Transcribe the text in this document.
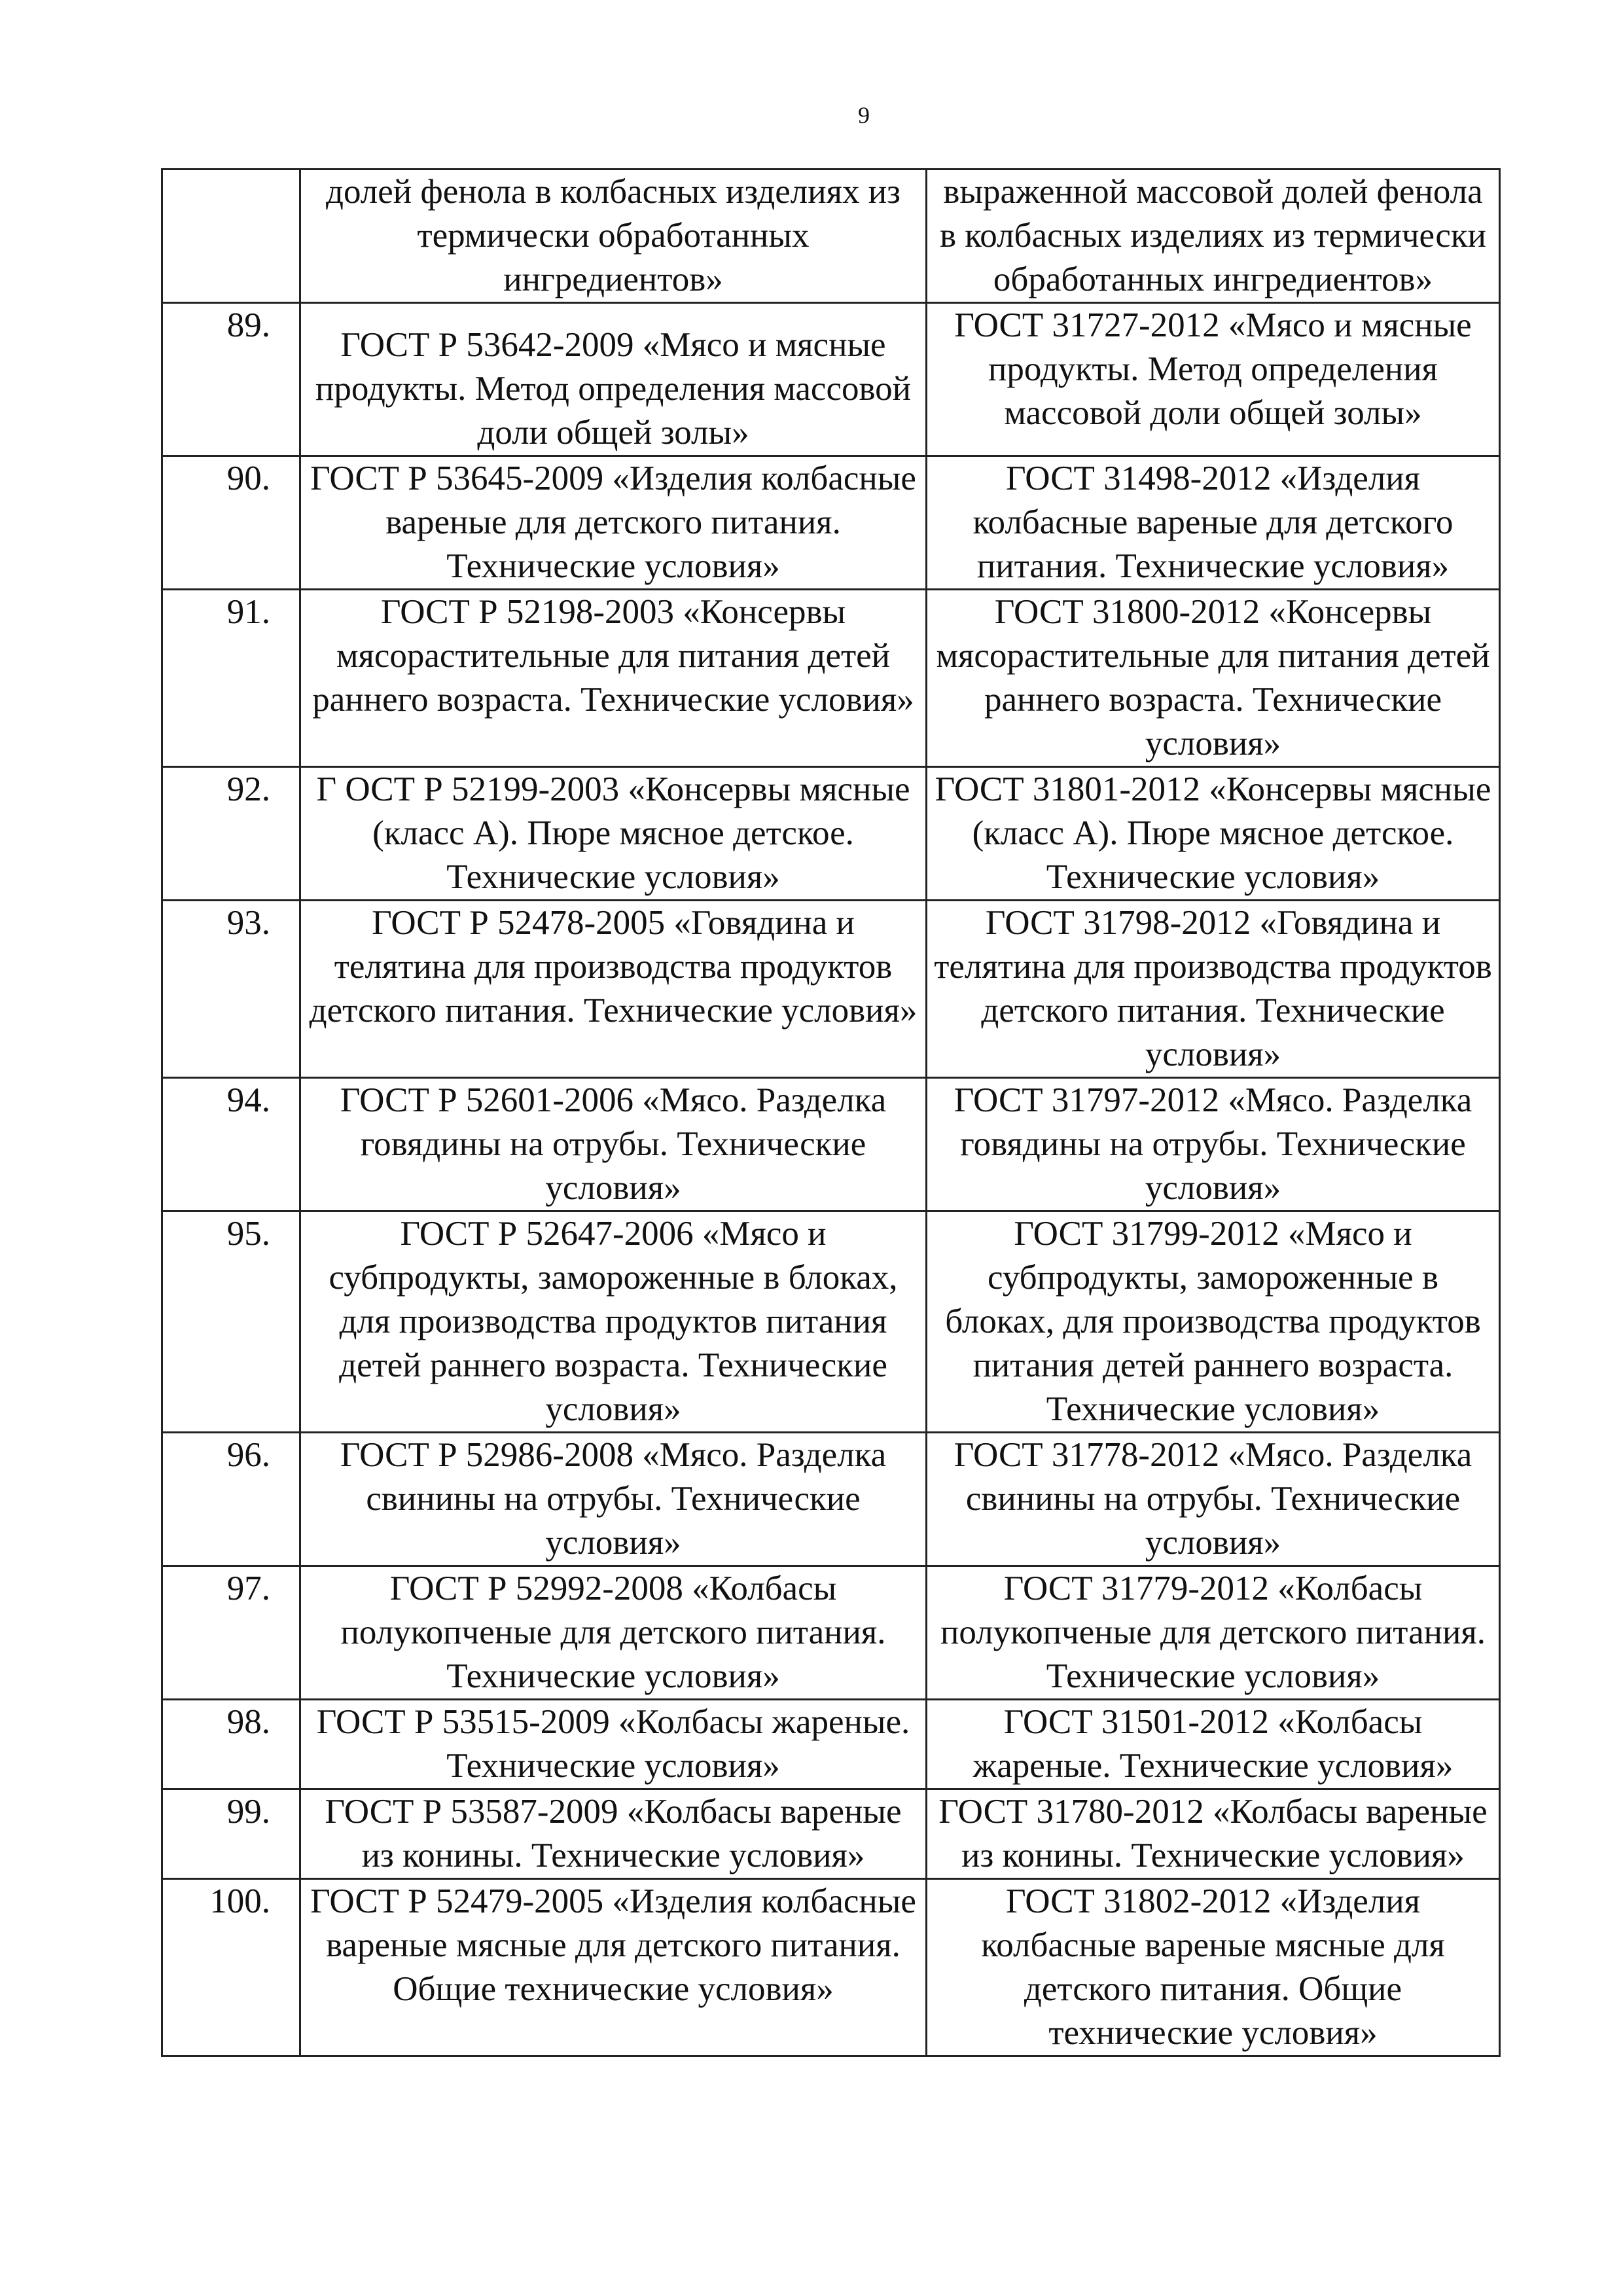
9
	долей фенола в колбасных изделиях из термически обработанных ингредиентов»	выраженной массовой долей фенола в колбасных изделиях из термически обработанных ингредиентов»
89.	ГОСТ Р 53642-2009 «Мясо и мясные продукты. Метод определения массовой доли общей золы»	ГОСТ 31727-2012 «Мясо и мясные продукты. Метод определения массовой доли общей золы»
90.	ГОСТ Р 53645-2009 «Изделия колбасные вареные для детского питания. Технические условия»	ГОСТ 31498-2012 «Изделия колбасные вареные для детского питания. Технические условия»
91.	ГОСТ Р 52198-2003 «Консервы мясорастительные для питания детей раннего возраста. Технические условия»	ГОСТ 31800-2012 «Консервы мясорастительные для питания детей раннего возраста. Технические условия»
92.	Г ОСТ Р 52199-2003 «Консервы мясные (класс А). Пюре мясное детское. Технические условия»	ГОСТ 31801-2012 «Консервы мясные (класс А). Пюре мясное детское. Технические условия»
93.	ГОСТ Р 52478-2005 «Говядина и телятина для производства продуктов детского питания. Технические условия»	ГОСТ 31798-2012 «Говядина и телятина для производства продуктов детского питания. Технические условия»
94.	ГОСТ Р 52601-2006 «Мясо. Разделка говядины на отрубы. Технические условия»	ГОСТ 31797-2012 «Мясо. Разделка говядины на отрубы. Технические условия»
95.	ГОСТ Р 52647-2006 «Мясо и субпродукты, замороженные в блоках, для производства продуктов питания детей раннего возраста. Технические условия»	ГОСТ 31799-2012 «Мясо и субпродукты, замороженные в блоках, для производства продуктов питания детей раннего возраста. Технические условия»
96.	ГОСТ Р 52986-2008 «Мясо. Разделка свинины на отрубы. Технические условия»	ГОСТ 31778-2012 «Мясо. Разделка свинины на отрубы. Технические условия»
97.	ГОСТ Р 52992-2008 «Колбасы полукопченые для детского питания. Технические условия»	ГОСТ 31779-2012 «Колбасы полукопченые для детского питания. Технические условия»
98.	ГОСТ Р 53515-2009 «Колбасы жареные. Технические условия»	ГОСТ 31501-2012 «Колбасы жареные. Технические условия»
99.	ГОСТ Р 53587-2009 «Колбасы вареные из конины. Технические условия»	ГОСТ 31780-2012 «Колбасы вареные из конины. Технические условия»
100.	ГОСТ Р 52479-2005 «Изделия колбасные вареные мясные для детского питания. Общие технические условия»	ГОСТ 31802-2012 «Изделия колбасные вареные мясные для детского питания. Общие технические условия»
